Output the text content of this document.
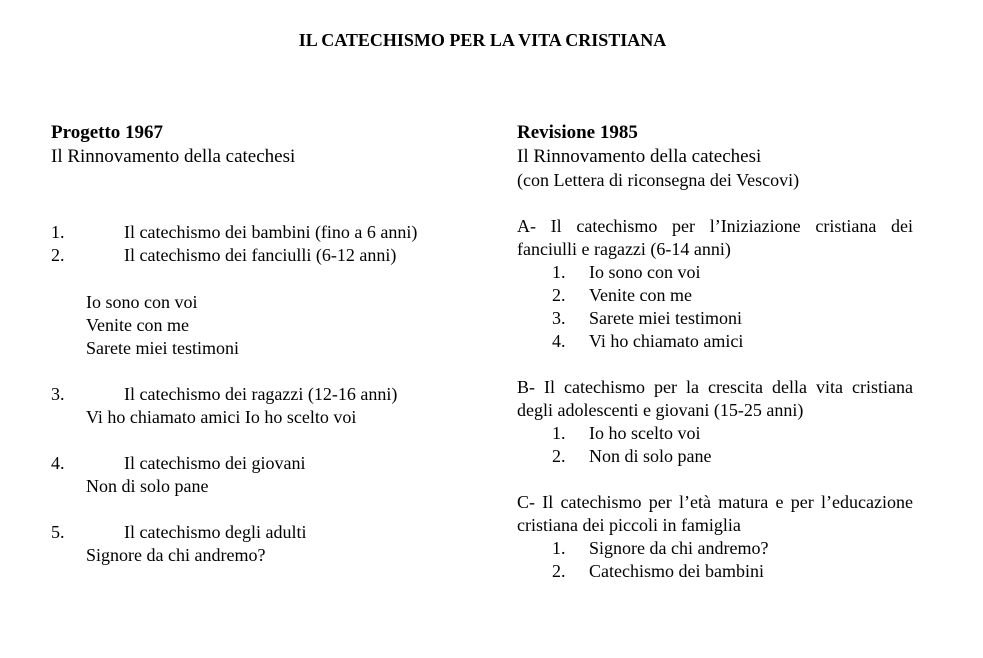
IL CATECHISMO PER LA VITA CRISTIANA
Progetto 1967
Il Rinnovamento della catechesi
1.	Il catechismo dei bambini (fino a 6 anni)
2.	Il catechismo dei fanciulli (6-12 anni)
Io sono con voi
Venite con me
Sarete miei testimoni
3.	Il catechismo dei ragazzi (12-16 anni)
Vi ho chiamato amici Io ho scelto voi
4.	Il catechismo dei giovani
Non di solo pane
5.	Il catechismo degli adulti
Signore da chi andremo?
Revisione 1985
Il Rinnovamento della catechesi
(con Lettera di riconsegna dei Vescovi)
A- Il catechismo per l’Iniziazione cristiana dei fanciulli e ragazzi (6-14 anni)
1. Io sono con voi
2. Venite con me
3. Sarete miei testimoni
4. Vi ho chiamato amici
B- Il catechismo per la crescita della vita cristiana degli adolescenti e giovani (15-25 anni)
1. Io ho scelto voi
2. Non di solo pane
C- Il catechismo per l’età matura e per l’educazione cristiana dei piccoli in famiglia
1. Signore da chi andremo?
2. Catechismo dei bambini
